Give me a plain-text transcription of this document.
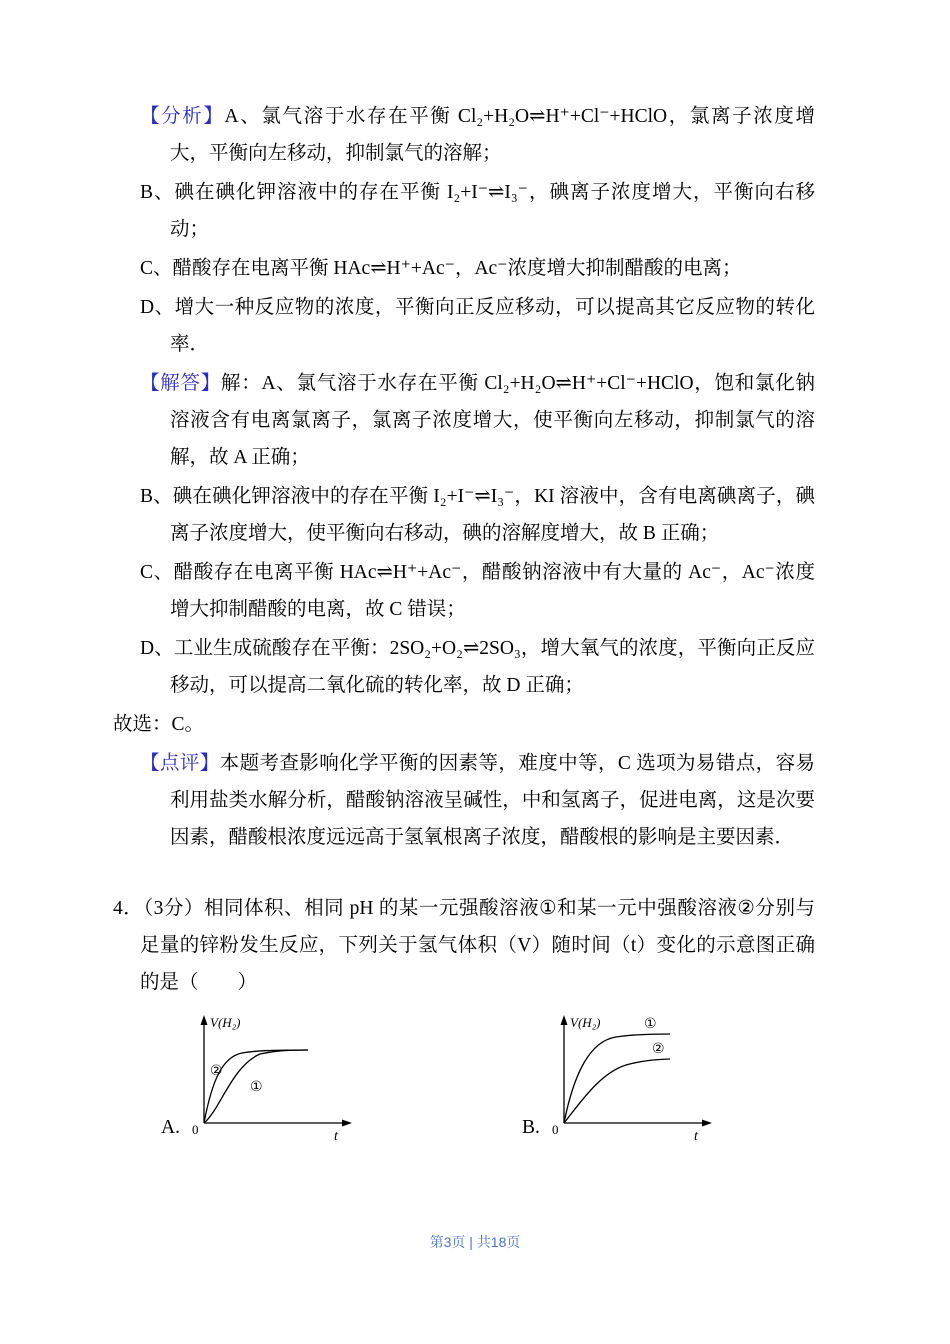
【分析】A、氯气溶于水存在平衡 Cl₂+H₂O⇌H⁺+Cl⁻+HClO，氯离子浓度增大，平衡向左移动，抑制氯气的溶解；

B、碘在碘化钾溶液中的存在平衡 I₂+I⁻⇌I₃⁻，碘离子浓度增大，平衡向右移动；

C、醋酸存在电离平衡 HAc⇌H⁺+Ac⁻，Ac⁻浓度增大抑制醋酸的电离；

D、增大一种反应物的浓度，平衡向正反应移动，可以提高其它反应物的转化率．

【解答】解：A、氯气溶于水存在平衡 Cl₂+H₂O⇌H⁺+Cl⁻+HClO，饱和氯化钠溶液含有电离氯离子，氯离子浓度增大，使平衡向左移动，抑制氯气的溶解，故 A 正确；

B、碘在碘化钾溶液中的存在平衡 I₂+I⁻⇌I₃⁻，KI 溶液中，含有电离碘离子，碘离子浓度增大，使平衡向右移动，碘的溶解度增大，故 B 正确；

C、醋酸存在电离平衡 HAc⇌H⁺+Ac⁻，醋酸钠溶液中有大量的 Ac⁻，Ac⁻浓度增大抑制醋酸的电离，故 C 错误；

D、工业生成硫酸存在平衡：2SO₂+O₂⇌2SO₃，增大氧气的浓度，平衡向正反应移动，可以提高二氧化硫的转化率，故 D 正确；

故选：C。

【点评】本题考查影响化学平衡的因素等，难度中等，C 选项为易错点，容易利用盐类水解分析，醋酸钠溶液呈碱性，中和氢离子，促进电离，这是次要因素，醋酸根浓度远远高于氢氧根离子浓度，醋酸根的影响是主要因素．

4．（3分）相同体积、相同 pH 的某一元强酸溶液①和某一元中强酸溶液②分别与足量的锌粉发生反应，下列关于氢气体积（V）随时间（t）变化的示意图正确的是（　　）

A.
V(H₂)
0	t
②
①
B.
V(H₂)
0	t
①
②
第3页 | 共18页
